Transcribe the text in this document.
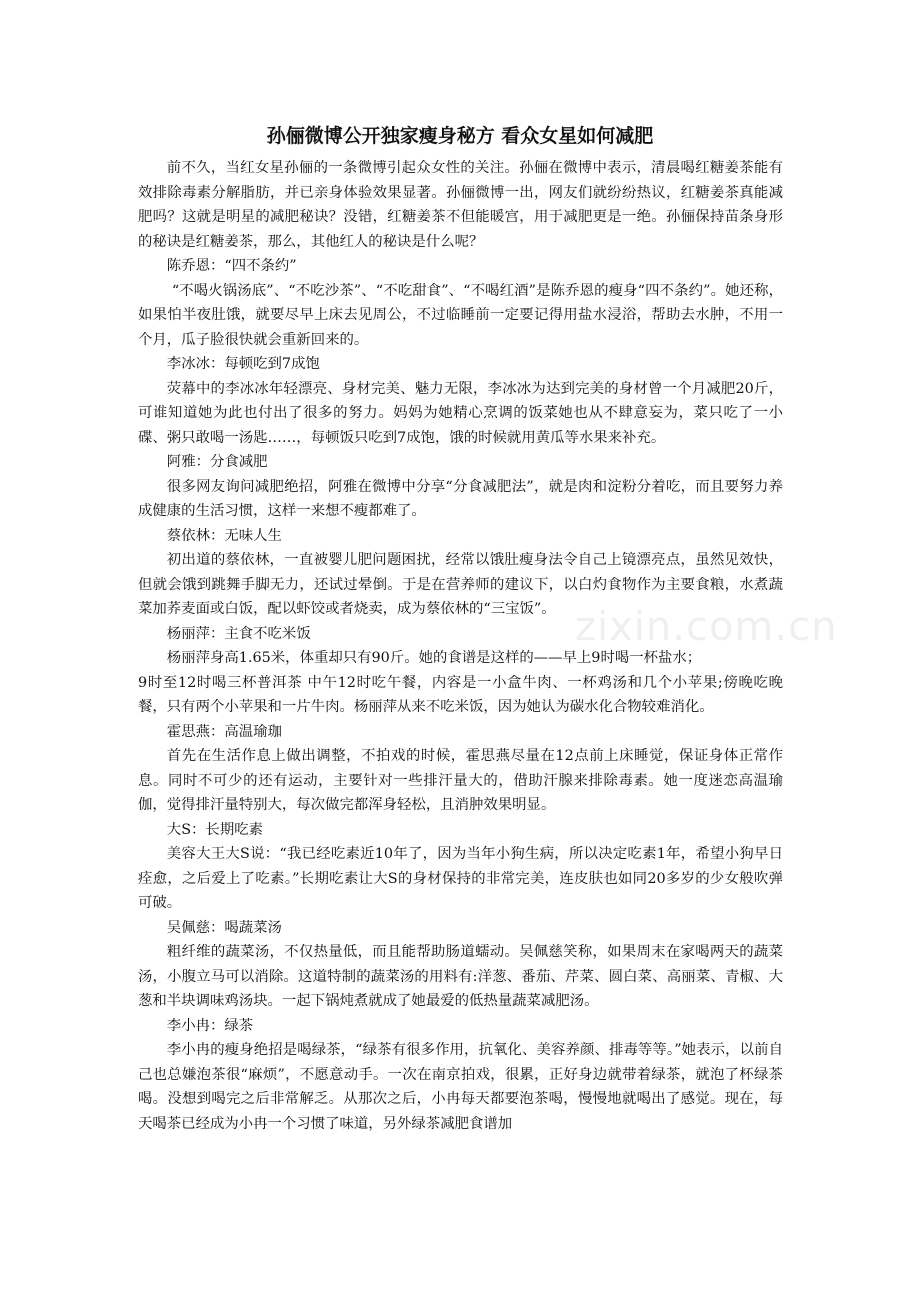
孙俪微博公开独家瘦身秘方 看众女星如何减肥

前不久，当红女星孙俪的一条微博引起众女性的关注。孙俪在微博中表示，清晨喝红糖姜茶能有效排除毒素分解脂肪，并已亲身体验效果显著。孙俪微博一出，网友们就纷纷热议，红糖姜茶真能减肥吗？这就是明星的减肥秘诀？没错，红糖姜茶不但能暖宫，用于减肥更是一绝。孙俪保持苗条身形的秘诀是红糖姜茶，那么，其他红人的秘诀是什么呢？

陈乔恩：“四不条约”

“不喝火锅汤底”、“不吃沙茶”、“不吃甜食”、“不喝红酒”是陈乔恩的瘦身“四不条约”。她还称，如果怕半夜肚饿，就要尽早上床去见周公，不过临睡前一定要记得用盐水浸浴，帮助去水肿，不用一个月，瓜子脸很快就会重新回来的。

李冰冰：每顿吃到7成饱

荧幕中的李冰冰年轻漂亮、身材完美、魅力无限，李冰冰为达到完美的身材曾一个月减肥20斤，可谁知道她为此也付出了很多的努力。妈妈为她精心烹调的饭菜她也从不肆意妄为，菜只吃了一小碟、粥只敢喝一汤匙……，每顿饭只吃到7成饱，饿的时候就用黄瓜等水果来补充。

阿雅：分食减肥

很多网友询问减肥绝招，阿雅在微博中分享“分食减肥法”，就是肉和淀粉分着吃，而且要努力养成健康的生活习惯，这样一来想不瘦都难了。

蔡依林：无味人生

初出道的蔡依林，一直被婴儿肥问题困扰，经常以饿肚瘦身法令自己上镜漂亮点，虽然见效快，但就会饿到跳舞手脚无力，还试过晕倒。于是在营养师的建议下，以白灼食物作为主要食粮，水煮蔬菜加荞麦面或白饭，配以虾饺或者烧卖，成为蔡依林的“三宝饭”。

杨丽萍：主食不吃米饭

杨丽萍身高1.65米，体重却只有90斤。她的食谱是这样的——早上9时喝一杯盐水；

9时至12时喝三杯普洱茶 中午12时吃午餐，内容是一小盒牛肉、一杯鸡汤和几个小苹果;傍晚吃晚餐，只有两个小苹果和一片牛肉。杨丽萍从来不吃米饭，因为她认为碳水化合物较难消化。

霍思燕：高温瑜珈

首先在生活作息上做出调整，不拍戏的时候，霍思燕尽量在12点前上床睡觉，保证身体正常作息。同时不可少的还有运动，主要针对一些排汗量大的，借助汗腺来排除毒素。她一度迷恋高温瑜伽，觉得排汗量特别大，每次做完都浑身轻松，且消肿效果明显。

大S：长期吃素

美容大王大S说：“我已经吃素近10年了，因为当年小狗生病，所以决定吃素1年，希望小狗早日痊愈，之后爱上了吃素。”长期吃素让大S的身材保持的非常完美，连皮肤也如同20多岁的少女般吹弹可破。

吴佩慈：喝蔬菜汤

粗纤维的蔬菜汤，不仅热量低，而且能帮助肠道蠕动。吴佩慈笑称，如果周末在家喝两天的蔬菜汤，小腹立马可以消除。这道特制的蔬菜汤的用料有:洋葱、番茄、芹菜、圆白菜、高丽菜、青椒、大葱和半块调味鸡汤块。一起下锅炖煮就成了她最爱的低热量蔬菜减肥汤。

李小冉：绿茶

李小冉的瘦身绝招是喝绿茶，“绿茶有很多作用，抗氧化、美容养颜、排毒等等。”她表示，以前自己也总嫌泡茶很“麻烦”，不愿意动手。一次在南京拍戏，很累，正好身边就带着绿茶，就泡了杯绿茶喝。没想到喝完之后非常解乏。从那次之后，小冉每天都要泡茶喝，慢慢地就喝出了感觉。现在，每天喝茶已经成为小冉一个习惯了味道，另外绿茶减肥食谱加

zixin.com.cn
